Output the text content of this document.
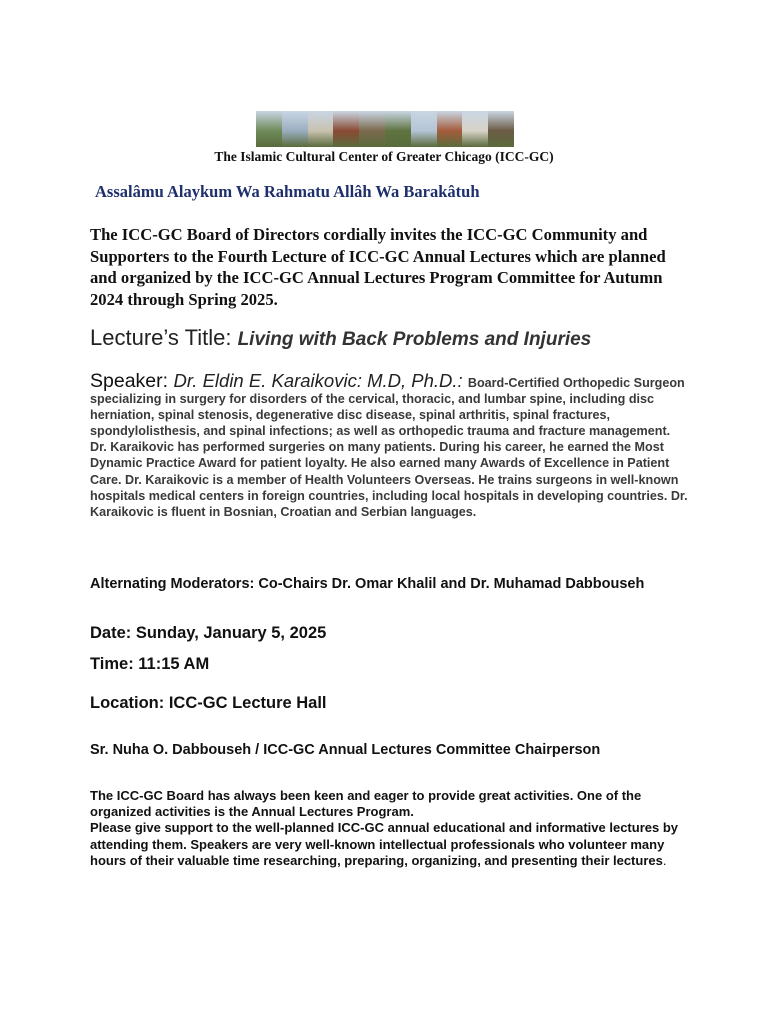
The Islamic Cultural Center of Greater Chicago (ICC-GC)
Assalâmu Alaykum Wa Rahmatu Allâh Wa Barakâtuh
The ICC-GC Board of Directors cordially invites the ICC-GC Community and Supporters to the Fourth Lecture of ICC-GC Annual Lectures which are planned and organized by the ICC-GC Annual Lectures Program Committee for Autumn 2024 through Spring 2025.
Lecture’s Title: Living with Back Problems and Injuries
Speaker: Dr. Eldin E. Karaikovic: M.D, Ph.D.: Board-Certified Orthopedic Surgeon specializing in surgery for disorders of the cervical, thoracic, and lumbar spine, including disc herniation, spinal stenosis, degenerative disc disease, spinal arthritis, spinal fractures, spondylolisthesis, and spinal infections; as well as orthopedic trauma and fracture management. Dr. Karaikovic has performed surgeries on many patients. During his career, he earned the Most Dynamic Practice Award for patient loyalty. He also earned many Awards of Excellence in Patient Care. Dr. Karaikovic is a member of Health Volunteers Overseas. He trains surgeons in well-known hospitals medical centers in foreign countries, including local hospitals in developing countries. Dr. Karaikovic is fluent in Bosnian, Croatian and Serbian languages.
Alternating Moderators: Co-Chairs Dr. Omar Khalil and Dr. Muhamad Dabbouseh
Date: Sunday, January 5, 2025
Time: 11:15 AM
Location: ICC-GC Lecture Hall
Sr. Nuha O. Dabbouseh / ICC-GC Annual Lectures Committee Chairperson

The ICC-GC Board has always been keen and eager to provide great activities. One of the organized activities is the Annual Lectures Program.

Please give support to the well-planned ICC-GC annual educational and informative lectures by attending them. Speakers are very well-known intellectual professionals who volunteer many hours of their valuable time researching, preparing, organizing, and presenting their lectures.
